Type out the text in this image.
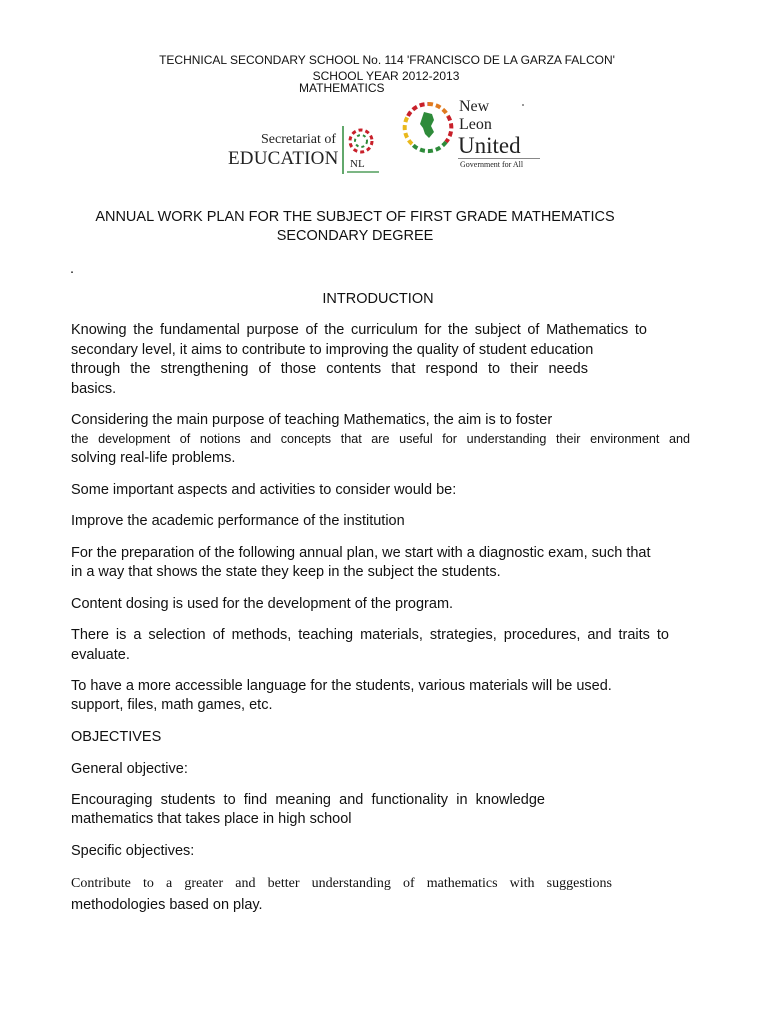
TECHNICAL SECONDARY SCHOOL No. 114 'FRANCISCO DE LA GARZA FALCON'
SCHOOL YEAR 2012-2013
MATHEMATICS
Secretariat of
EDUCATION NL
New
Leon
United
Government for All
ANNUAL WORK PLAN FOR THE SUBJECT OF FIRST GRADE MATHEMATICS
SECONDARY DEGREE
.
INTRODUCTION
Knowing the fundamental purpose of the curriculum for the subject of Mathematics to
secondary level, it aims to contribute to improving the quality of student education
through the strengthening of those contents that respond to their needs
basics.
Considering the main purpose of teaching Mathematics, the aim is to foster
the development of notions and concepts that are useful for understanding their environment and
solving real-life problems.
Some important aspects and activities to consider would be:
Improve the academic performance of the institution
For the preparation of the following annual plan, we start with a diagnostic exam, such that
in a way that shows the state they keep in the subject the students.
Content dosing is used for the development of the program.
There is a selection of methods, teaching materials, strategies, procedures, and traits to
evaluate.
To have a more accessible language for the students, various materials will be used.
support, files, math games, etc.
OBJECTIVES
General objective:
Encouraging students to find meaning and functionality in knowledge
mathematics that takes place in high school
Specific objectives:
Contribute to a greater and better understanding of mathematics with suggestions
methodologies based on play.
